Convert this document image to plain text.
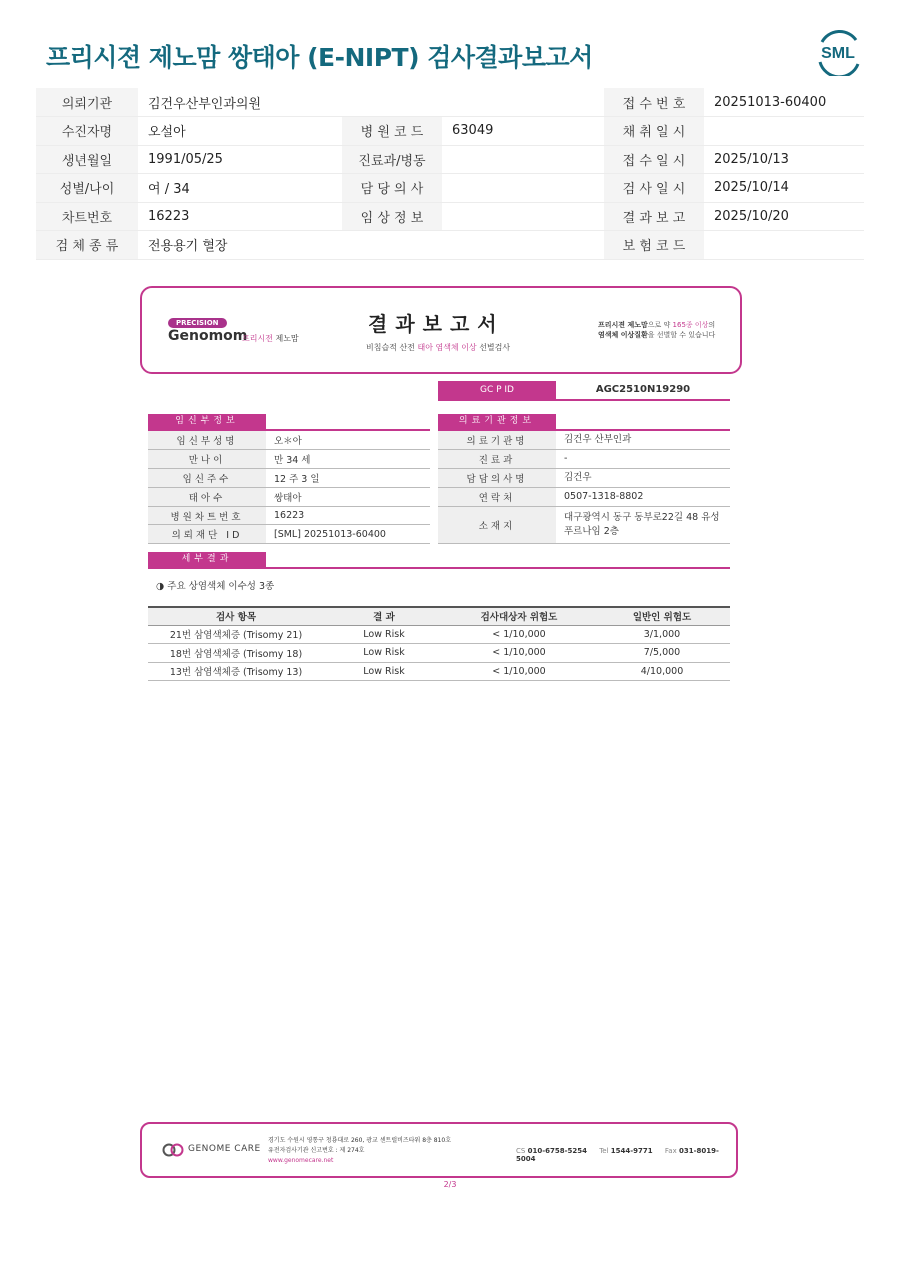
프리시젼 제노맘 쌍태아 (E-NIPT) 검사결과보고서	SML
의뢰기관	김건우산부인과의원			접 수 번 호	20251013-60400
수진자명	오설아	병 원 코 드	63049	채 취 일 시	
생년월일	1991/05/25	진료과/병동		접 수 일 시	2025/10/13
성별/나이	여 / 34	담 당 의 사		검 사 일 시	2025/10/14
차트번호	16223	임 상 정 보		결 과 보 고	2025/10/20
검 체 종 류	전용용기 혈장			보 험 코 드	
PRECISION
Genomom
프리시젼 제노맘
결과보고서
비침습적 산전 태아 염색체 이상 선별검사
프리시젼 제노맘으로 약 165종 이상의
염색체 이상질환을 선별할 수 있습니다
GC P ID	AGC2510N19290
임신부정보	의료기관정보
임신부성명	오＊아
만나이	만 34 세
임신주수	12 주 3 일
태아수	쌍태아
병원차트번호	16223
의뢰재단 ID	[SML] 20251013-60400
의료기관명	김건우 산부인과
진료과	-
담담의사명	김건우
연락처	0507-1318-8802
소재지	대구광역시 동구 동부로22길 48 유성 푸르나임 2층
세부결과
◑ 주요 상염색체 이수성 3종
검사 항목	결 과	검사대상자 위험도	일반인 위험도
21번 삼염색체증 (Trisomy 21)	Low Risk	< 1/10,000	3/1,000
18번 삼염색체증 (Trisomy 18)	Low Risk	< 1/10,000	7/5,000
13번 삼염색체증 (Trisomy 13)	Low Risk	< 1/10,000	4/10,000
GENOME CARE
경기도 수원시 영통구 청룡대로 260, 광교 센트럴비즈타워 8층 810호
유전자검사기관 신고번호 : 제 274호
www.genomecare.net
CS 010-6758-5254 Tel 1544-9771 Fax 031-8019-5004
2/3
